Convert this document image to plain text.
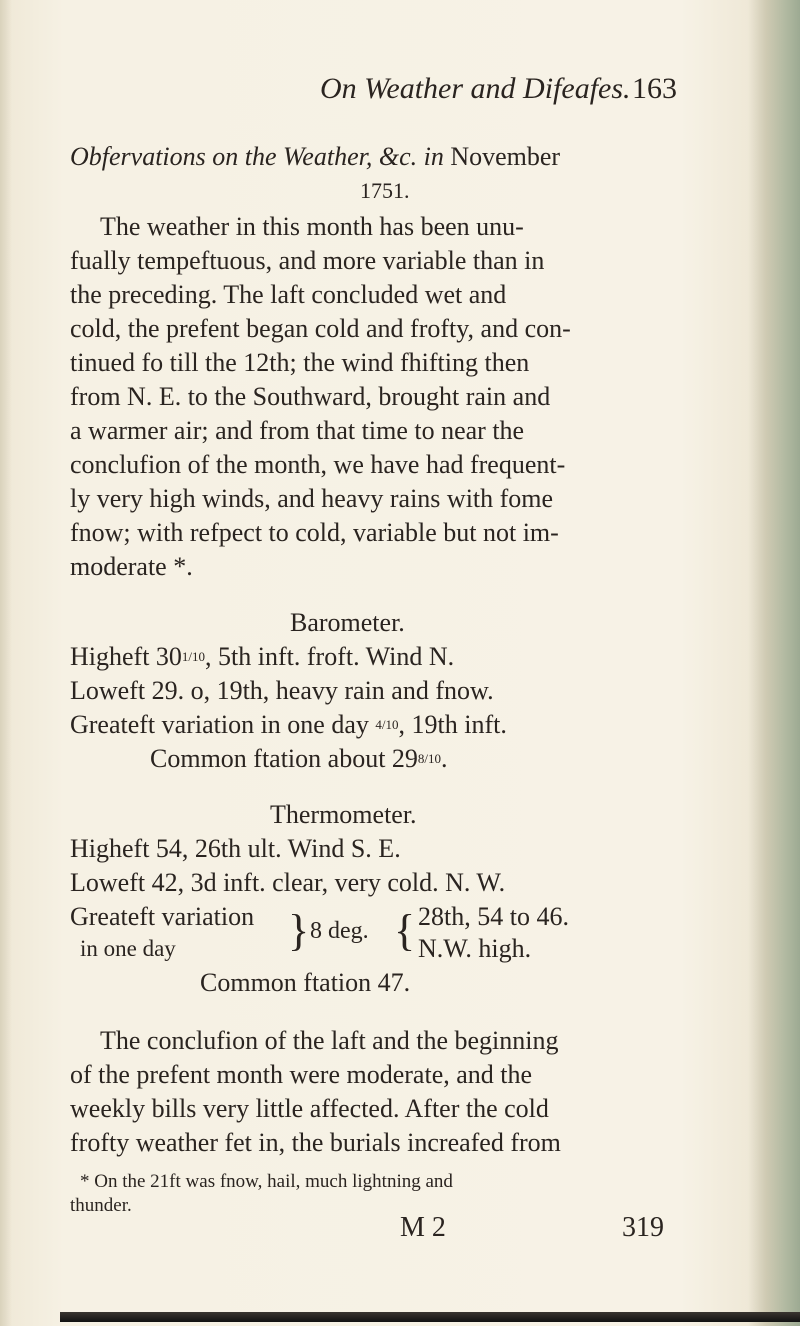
On Weather and Difeafes. 163
Obfervations on the Weather, &c. in November
1751.
The weather in this month has been unu-
fually tempeftuous, and more variable than in
the preceding. The laft concluded wet and
cold, the prefent began cold and frofty, and con-
tinued fo till the 12th; the wind fhifting then
from N. E. to the Southward, brought rain and
a warmer air; and from that time to near the
conclufion of the month, we have had frequent-
ly very high winds, and heavy rains with fome
fnow; with refpect to cold, variable but not im-
moderate *.
Barometer.
Higheft $30^{1/10}$, 5th inft. froft. Wind N.
Loweft 29. o, 19th, heavy rain and fnow.
Greateft variation in one day $^{4/10}$, 19th inft.
Common ftation about $29^{8/10}$.
Thermometer.
Higheft 54, 26th ult. Wind S. E.
Loweft 42, 3d inft. clear, very cold. N. W.
Greateft variation
in one day	} 8 deg. { 28th, 54 to 46.
N.W. high.
Common ftation 47.
The conclufion of the laft and the beginning
of the prefent month were moderate, and the
weekly bills very little affected. After the cold
frofty weather fet in, the burials increafed from
* On the 21ft was fnow, hail, much lightning and
thunder.
M 2	319
